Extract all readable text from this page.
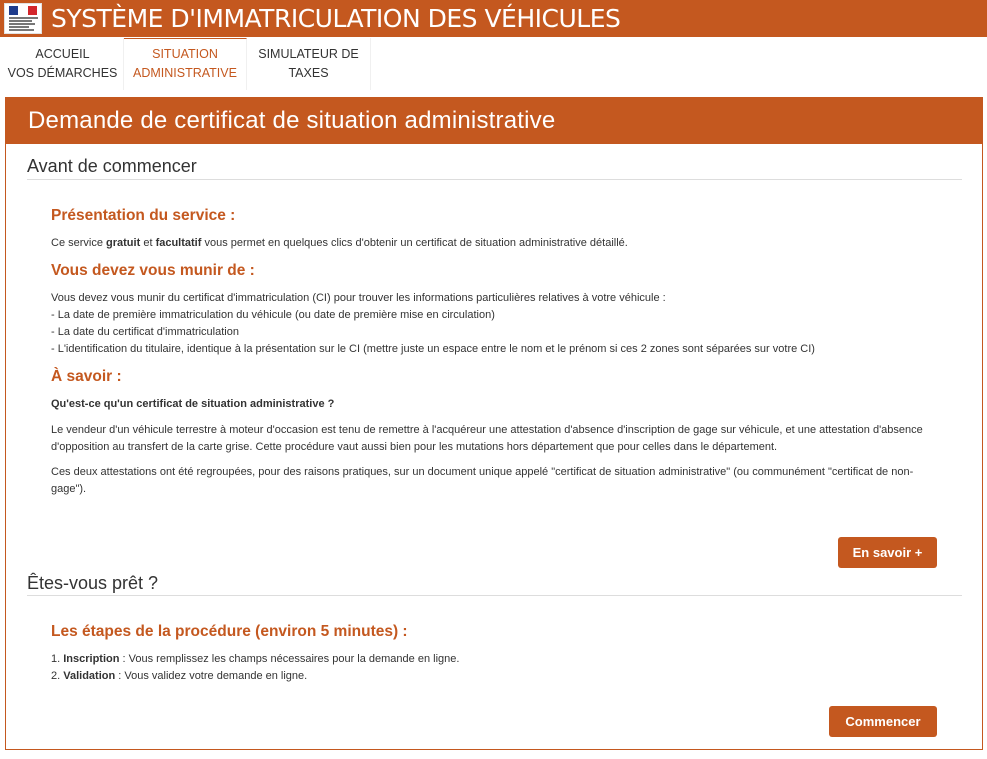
SYSTÈME D'IMMATRICULATION DES VÉHICULES
ACCUEIL
VOS DÉMARCHES
SITUATION
ADMINISTRATIVE
SIMULATEUR DE
TAXES
Demande de certificat de situation administrative
Avant de commencer
Présentation du service :
Ce service gratuit et facultatif vous permet en quelques clics d'obtenir un certificat de situation administrative détaillé.
Vous devez vous munir de :
Vous devez vous munir du certificat d'immatriculation (CI) pour trouver les informations particulières relatives à votre véhicule :
- La date de première immatriculation du véhicule (ou date de première mise en circulation)
- La date du certificat d'immatriculation
- L'identification du titulaire, identique à la présentation sur le CI (mettre juste un espace entre le nom et le prénom si ces 2 zones sont séparées sur votre CI)
À savoir :
Qu'est-ce qu'un certificat de situation administrative ?
Le vendeur d'un véhicule terrestre à moteur d'occasion est tenu de remettre à l'acquéreur une attestation d'absence d'inscription de gage sur véhicule, et une attestation d'absence d'opposition au transfert de la carte grise. Cette procédure vaut aussi bien pour les mutations hors département que pour celles dans le département.
Ces deux attestations ont été regroupées, pour des raisons pratiques, sur un document unique appelé "certificat de situation administrative" (ou communément "certificat de non-gage").
En savoir +
Êtes-vous prêt ?
Les étapes de la procédure (environ 5 minutes) :
1. Inscription : Vous remplissez les champs nécessaires pour la demande en ligne.
2. Validation : Vous validez votre demande en ligne.
Commencer
